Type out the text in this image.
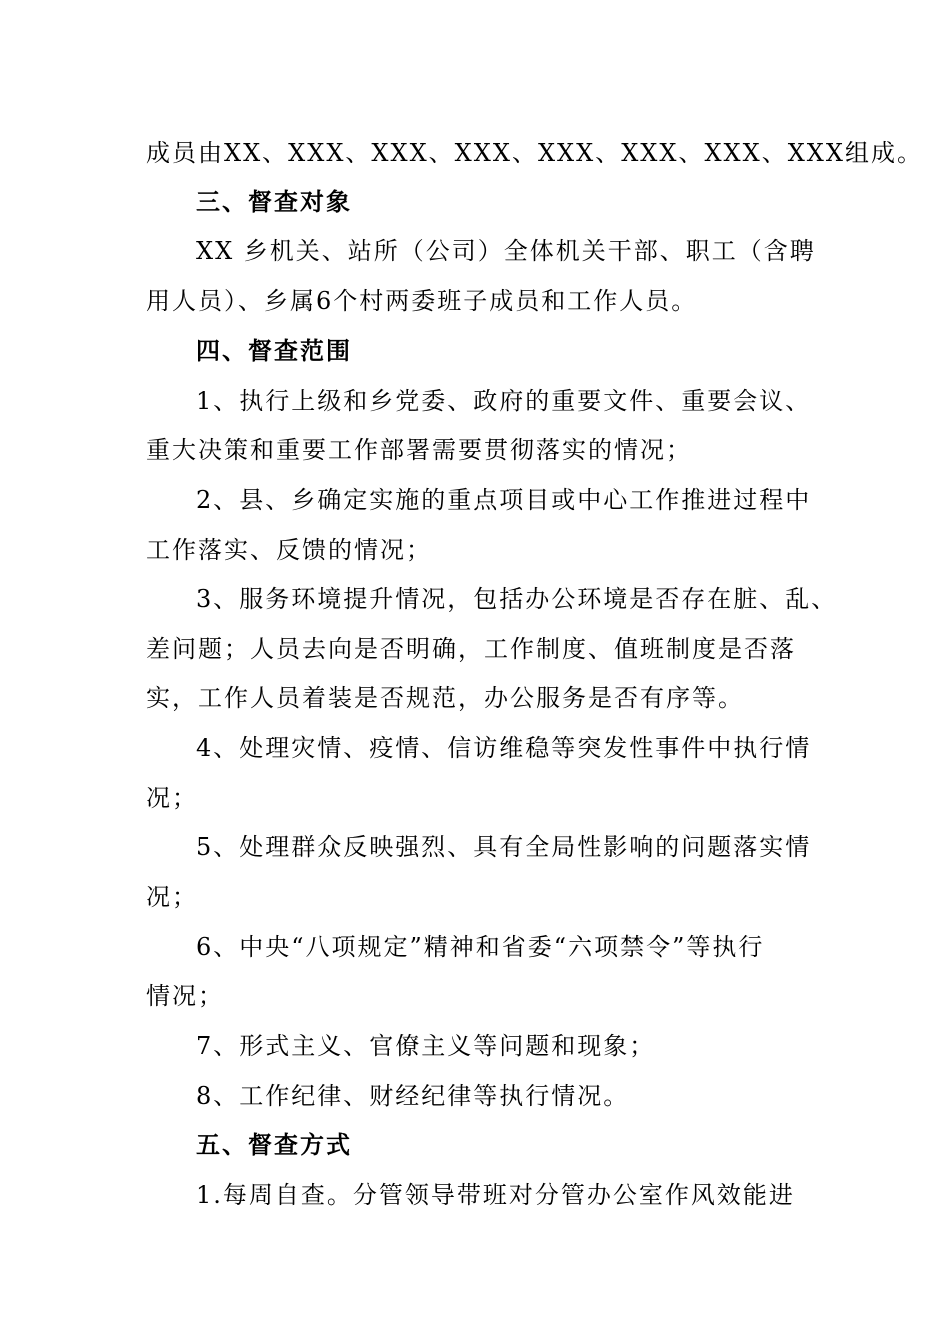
成员由XX、XXX、XXX、XXX、XXX、XXX、XXX、XXX组成。
三、督查对象
XX 乡机关、站所（公司）全体机关干部、职工（含聘
用人员）、乡属6个村两委班子成员和工作人员。
四、督查范围
1、执行上级和乡党委、政府的重要文件、重要会议、
重大决策和重要工作部署需要贯彻落实的情况；
2、县、乡确定实施的重点项目或中心工作推进过程中
工作落实、反馈的情况；
3、服务环境提升情况，包括办公环境是否存在脏、乱、
差问题；人员去向是否明确，工作制度、值班制度是否落
实，工作人员着装是否规范，办公服务是否有序等。
4、处理灾情、疫情、信访维稳等突发性事件中执行情
况；
5、处理群众反映强烈、具有全局性影响的问题落实情
况；
6、中央“八项规定”精神和省委“六项禁令”等执行
情况；
7、形式主义、官僚主义等问题和现象；
8、工作纪律、财经纪律等执行情况。
五、督查方式
1.每周自查。分管领导带班对分管办公室作风效能进
